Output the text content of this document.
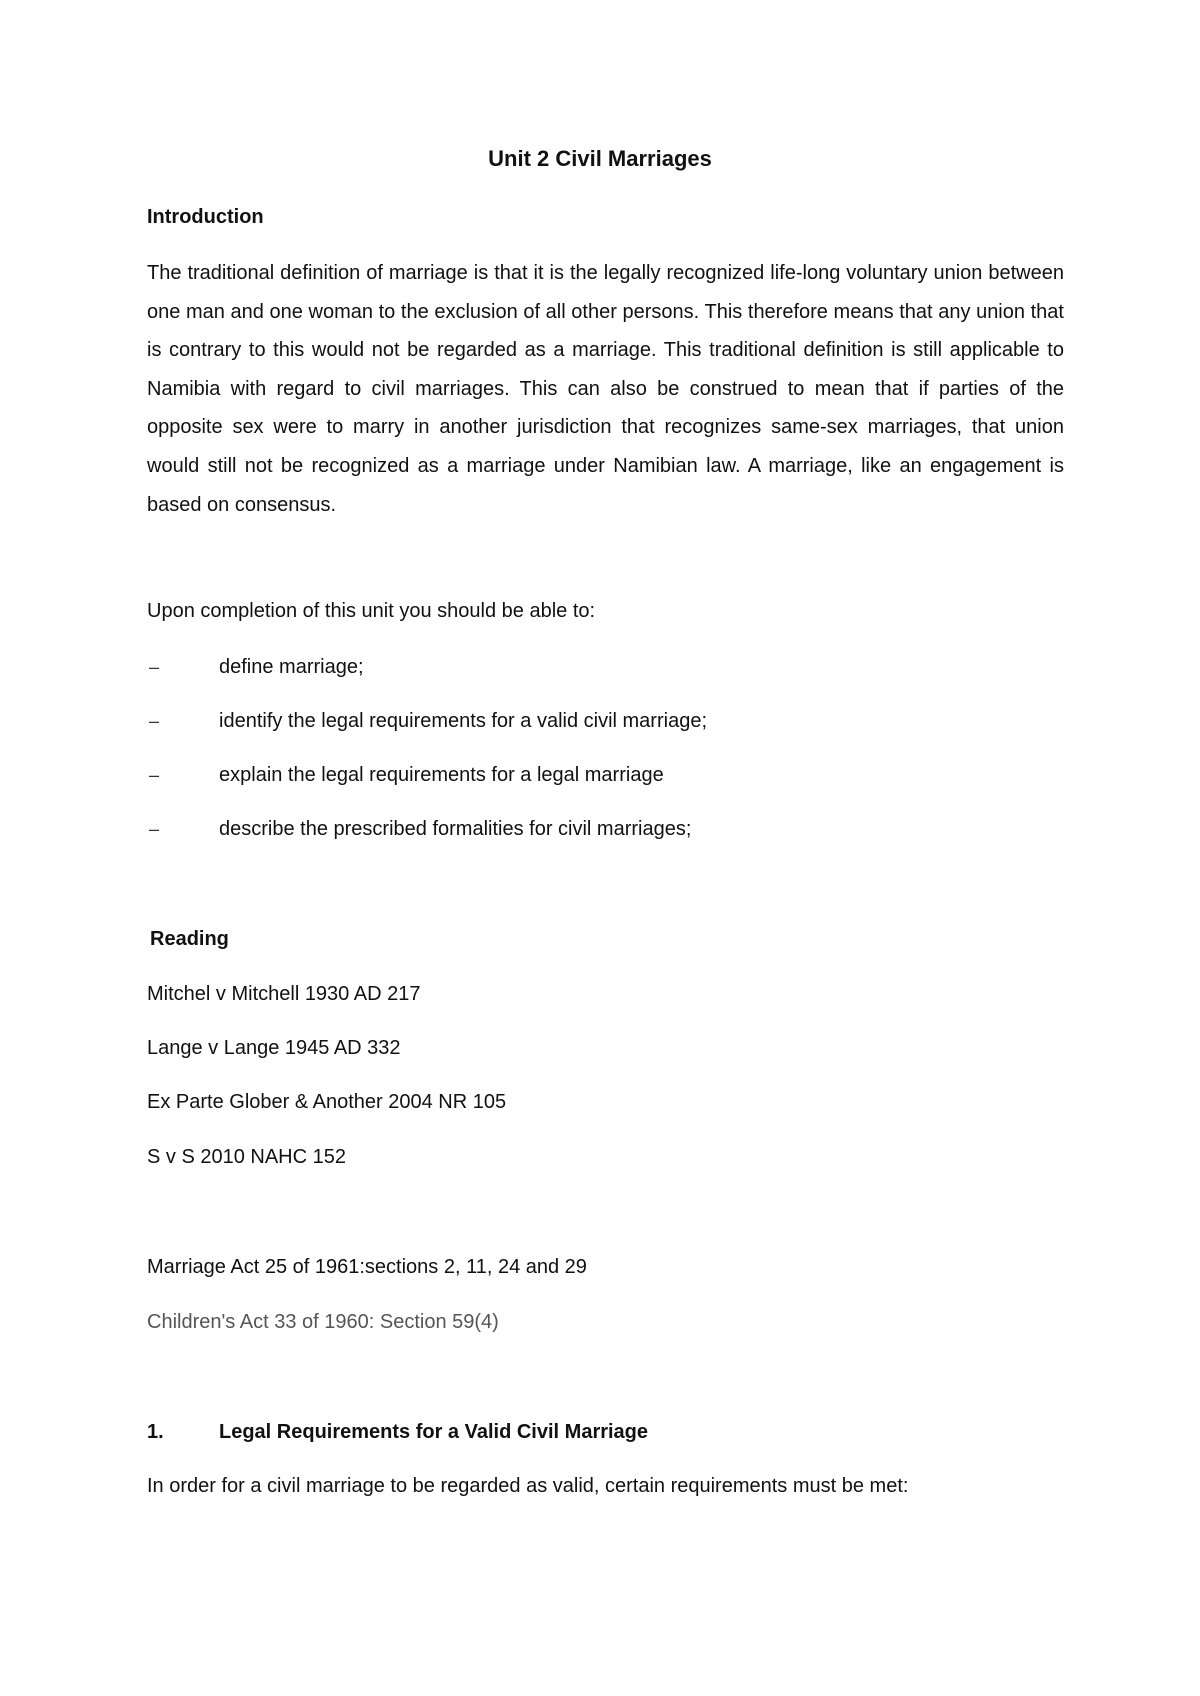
Unit 2 Civil Marriages
Introduction
The traditional definition of marriage is that it is the legally recognized life-long voluntary union between one man and one woman to the exclusion of all other persons. This therefore means that any union that is contrary to this would not be regarded as a marriage. This traditional definition is still applicable to Namibia with regard to civil marriages. This can also be construed to mean that if parties of the opposite sex were to marry in another jurisdiction that recognizes same-sex marriages, that union would still not be recognized as a marriage under Namibian law. A marriage, like an engagement is based on consensus.
Upon completion of this unit you should be able to:
–	define marriage;
–	identify the legal requirements for a valid civil marriage;
–	explain the legal requirements for a legal marriage
–	describe the prescribed formalities for civil marriages;
Reading
Mitchel v Mitchell 1930 AD 217
Lange v Lange 1945 AD 332
Ex Parte Glober & Another 2004 NR 105
S v S 2010 NAHC 152
Marriage Act 25 of 1961:sections 2, 11, 24 and 29
Children's Act 33 of 1960: Section 59(4)
1.	Legal Requirements for a Valid Civil Marriage
In order for a civil marriage to be regarded as valid, certain requirements must be met:
